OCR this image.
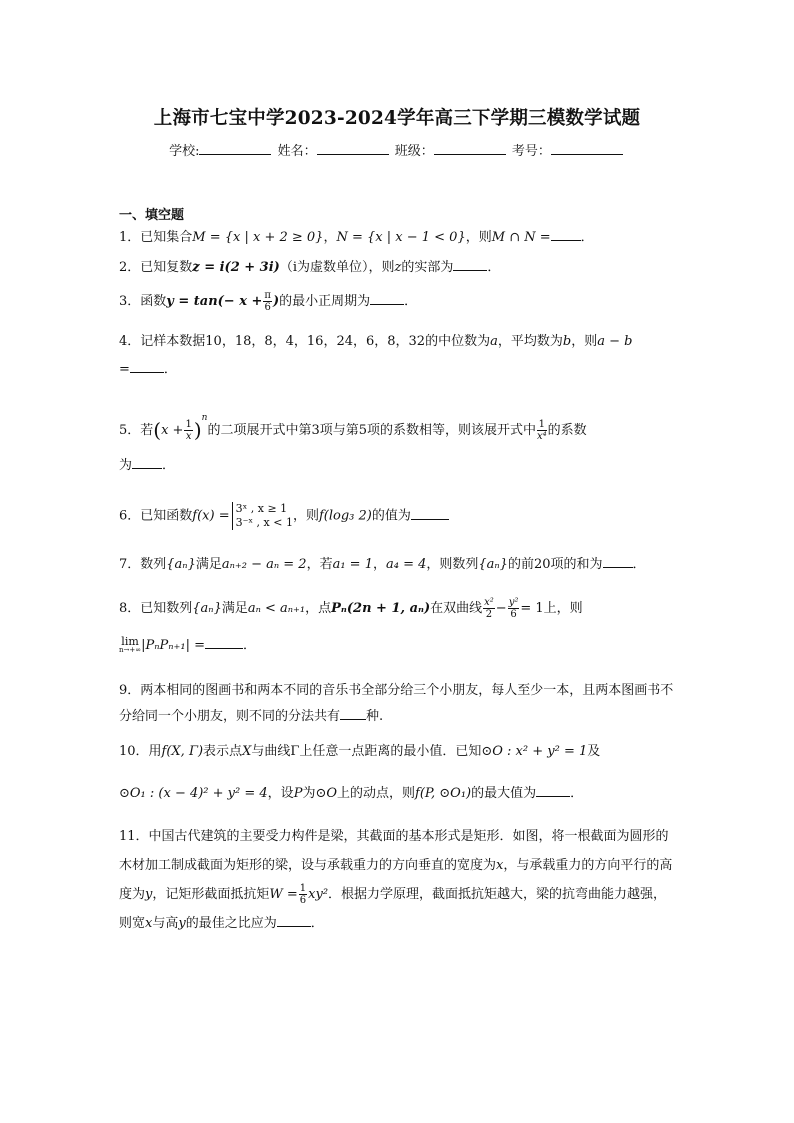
上海市七宝中学2023-2024学年高三下学期三模数学试题
学校:	姓名：	班级：	考号：
一、填空题
1．已知集合M = {x | x + 2 ≥ 0}，N = {x | x − 1 < 0}，则M ∩ N = ．
2．已知复数z = i(2 + 3i)（i为虚数单位），则z的实部为	．
3．函数$y = \tan(- x + \frac{\pi}{6}$ )的最小正周期为	．
4．记样本数据10，18，8，4，16，24，6，8，32的中位数为a，平均数为b，则a − b
=	．
5．若$(x + \frac{1}{x} )^n$的二项展开式中第3项与第5项的系数相等，则该展开式中 $\frac{1}{\text{x⁴}}$ 的系数
为 ．
6．已知函数f(x) = 3ˣ , x ≥ 1
3⁻ˣ , x < 1 ，则f(log₃ 2)的值为
7．数列{aₙ}满足aₙ₊₂ − aₙ = 2，若a₁ = 1，a₄ = 4，则数列{aₙ}的前20项的和为 ．
8．已知数列{aₙ}满足aₙ < aₙ₊₁，点Pₙ(2n + 1, aₙ)在双曲线 $\frac{\text{x²}}{2} - \frac{\text{y²}}{6} = 1$上，则
lim
n→+∞ |PₙPₙ₊₁| =	．
9．两本相同的图画书和两本不同的音乐书全部分给三个小朋友，每人至少一本，且两本图画书不分给同一个小朋友，则不同的分法共有 种.
10．用f(X, Γ)表示点X与曲线Γ上任意一点距离的最小值．已知⊙O : x² + y² = 1及
⊙O₁ : (x − 4)² + y² = 4，设P为⊙O上的动点，则f(P, ⊙O₁)的最大值为	．
11．中国古代建筑的主要受力构件是梁，其截面的基本形式是矩形．如图，将一根截面为圆形的木材加工制成截面为矩形的梁，设与承载重力的方向垂直的宽度为x，与承载重力的方向平行的高度为y，记矩形截面抵抗矩$W = \frac{1}{6} xy^2$．根据力学原理，截面抵抗矩越大，梁的抗弯曲能力越强，则宽x与高y的最佳之比应为	．
